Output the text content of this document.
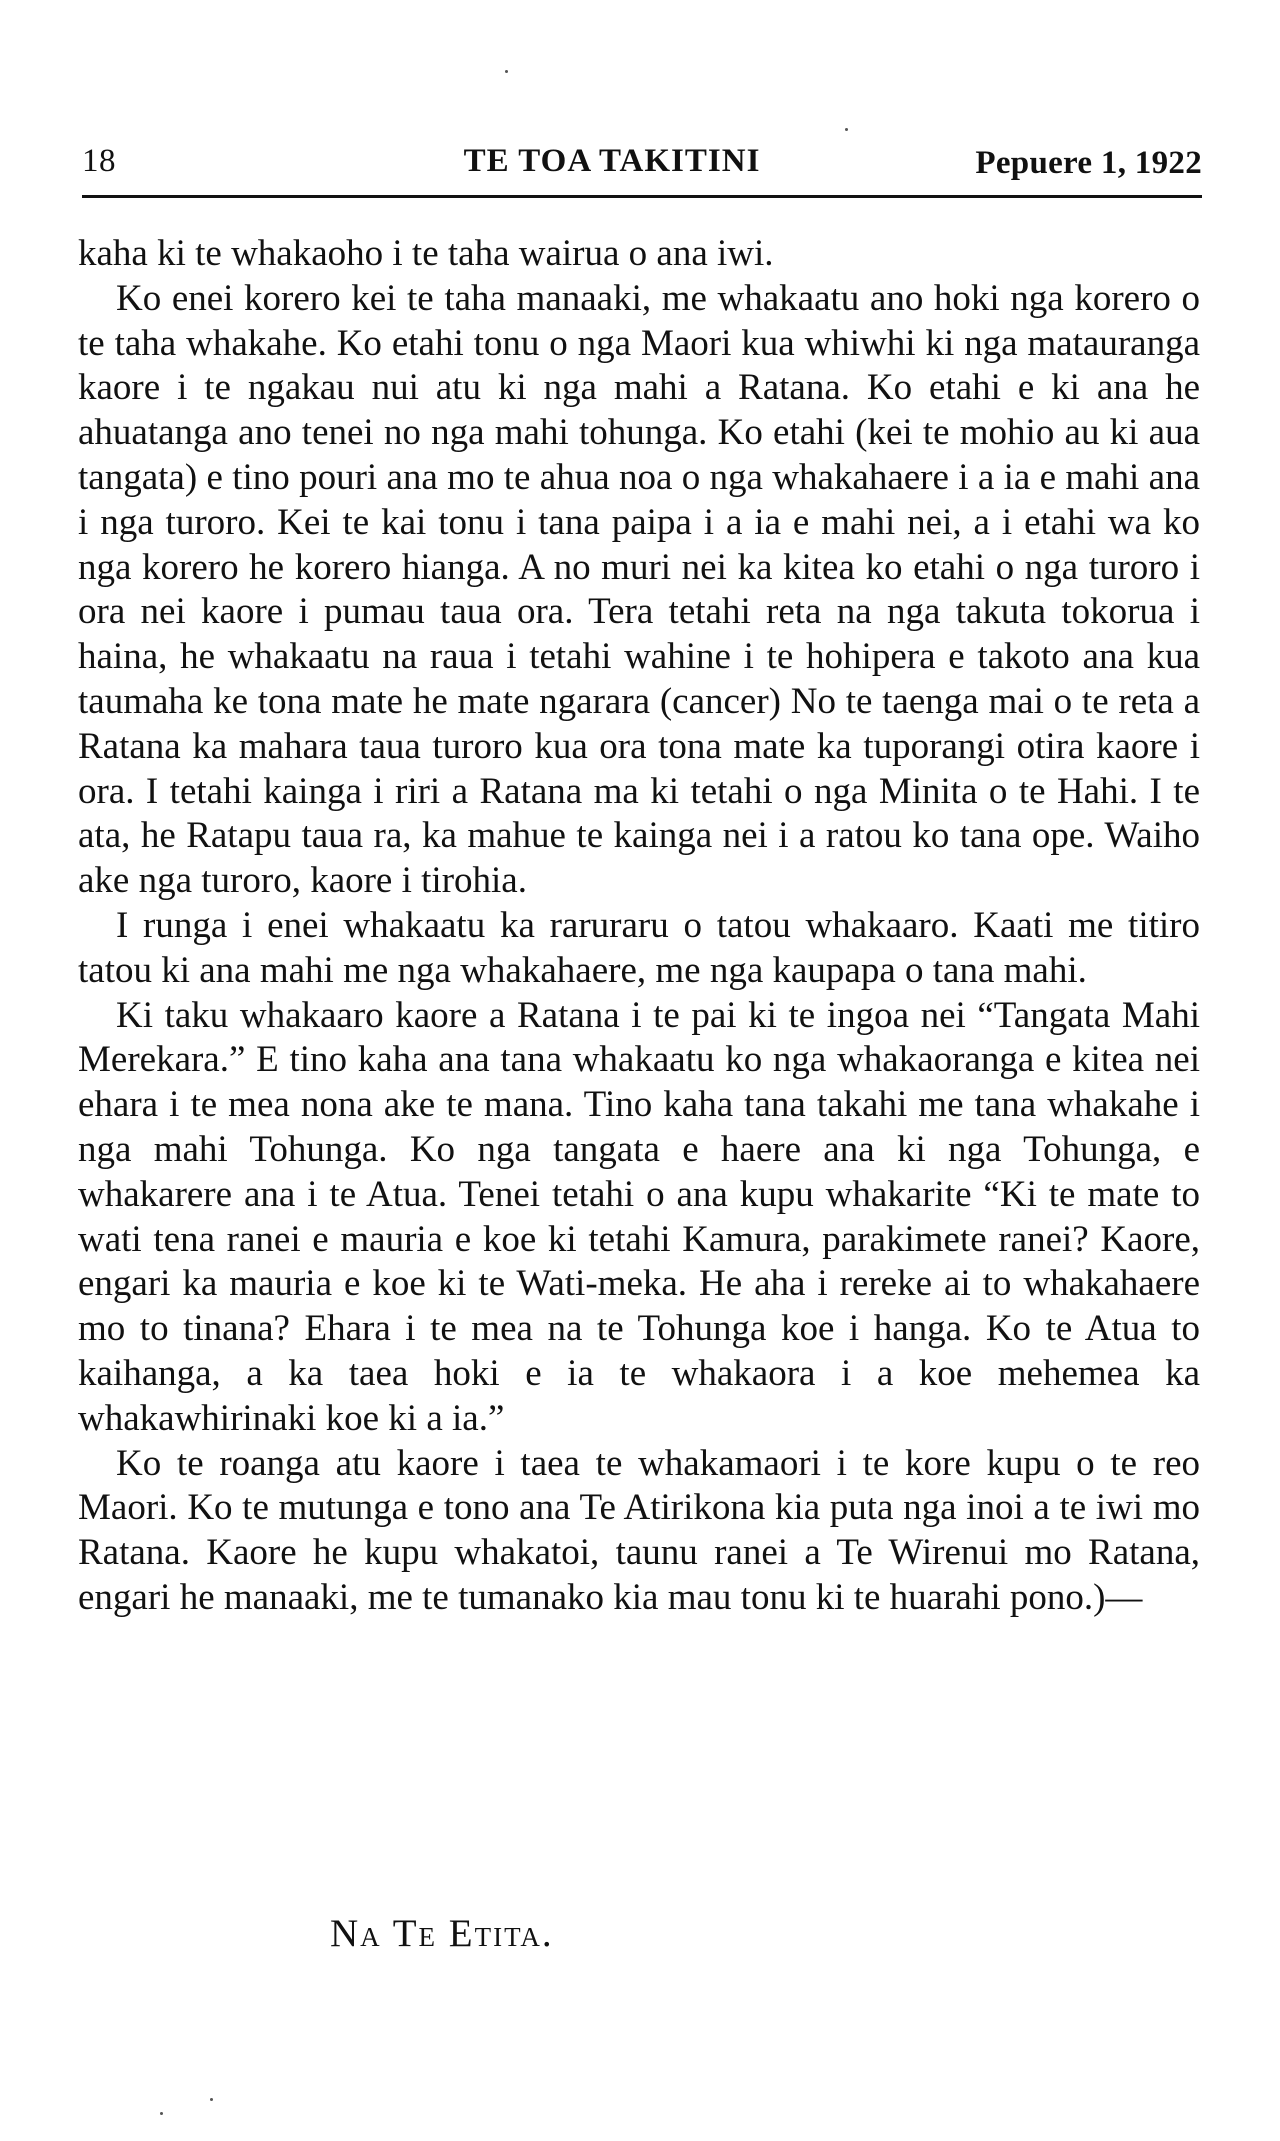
18	TE TOA TAKITINI	Pepuere 1, 1922

kaha ki te whakaoho i te taha wairua o ana iwi.

Ko enei korero kei te taha manaaki, me whakaatu ano hoki nga korero o te taha whakahe. Ko etahi tonu o nga Maori kua whiwhi ki nga matauranga kaore i te ngakau nui atu ki nga mahi a Ratana. Ko etahi e ki ana he ahuatanga ano tenei no nga mahi tohunga. Ko etahi (kei te mohio au ki aua tangata) e tino pouri ana mo te ahua noa o nga whakahaere i a ia e mahi ana i nga turoro. Kei te kai tonu i tana paipa i a ia e mahi nei, a i etahi wa ko nga korero he korero hianga. A no muri nei ka kitea ko etahi o nga turoro i ora nei kaore i pumau taua ora. Tera tetahi reta na nga takuta tokorua i haina, he whakaatu na raua i tetahi wahine i te hohipera e takoto ana kua taumaha ke tona mate he mate ngarara (cancer) No te taenga mai o te reta a Ratana ka mahara taua turoro kua ora tona mate ka tuporangi otira kaore i ora. I tetahi kainga i riri a Ratana ma ki tetahi o nga Minita o te Hahi. I te ata, he Ratapu taua ra, ka mahue te kainga nei i a ratou ko tana ope. Waiho ake nga turoro, kaore i tirohia.

I runga i enei whakaatu ka raruraru o tatou whakaaro. Kaati me titiro tatou ki ana mahi me nga whakahaere, me nga kaupapa o tana mahi.

Ki taku whakaaro kaore a Ratana i te pai ki te ingoa nei “Tangata Mahi Merekara.” E tino kaha ana tana whakaatu ko nga whakaoranga e kitea nei ehara i te mea nona ake te mana. Tino kaha tana takahi me tana whakahe i nga mahi Tohunga. Ko nga tangata e haere ana ki nga Tohunga, e whakarere ana i te Atua. Tenei tetahi o ana kupu whakarite “Ki te mate to wati tena ranei e mauria e koe ki tetahi Kamura, parakimete ranei? Kaore, engari ka mauria e koe ki te Wati-meka. He aha i rereke ai to whakahaere mo to tinana? Ehara i te mea na te Tohunga koe i hanga. Ko te Atua to kaihanga, a ka taea hoki e ia te whakaora i a koe mehemea ka whakawhirinaki koe ki a ia.”

Ko te roanga atu kaore i taea te whakamaori i te kore kupu o te reo Maori. Ko te mutunga e tono ana Te Atirikona kia puta nga inoi a te iwi mo Ratana. Kaore he kupu whakatoi, taunu ranei a Te Wirenui mo Ratana, engari he manaaki, me te tumanako kia mau tonu ki te huarahi pono.)—

Na Te Etita.
